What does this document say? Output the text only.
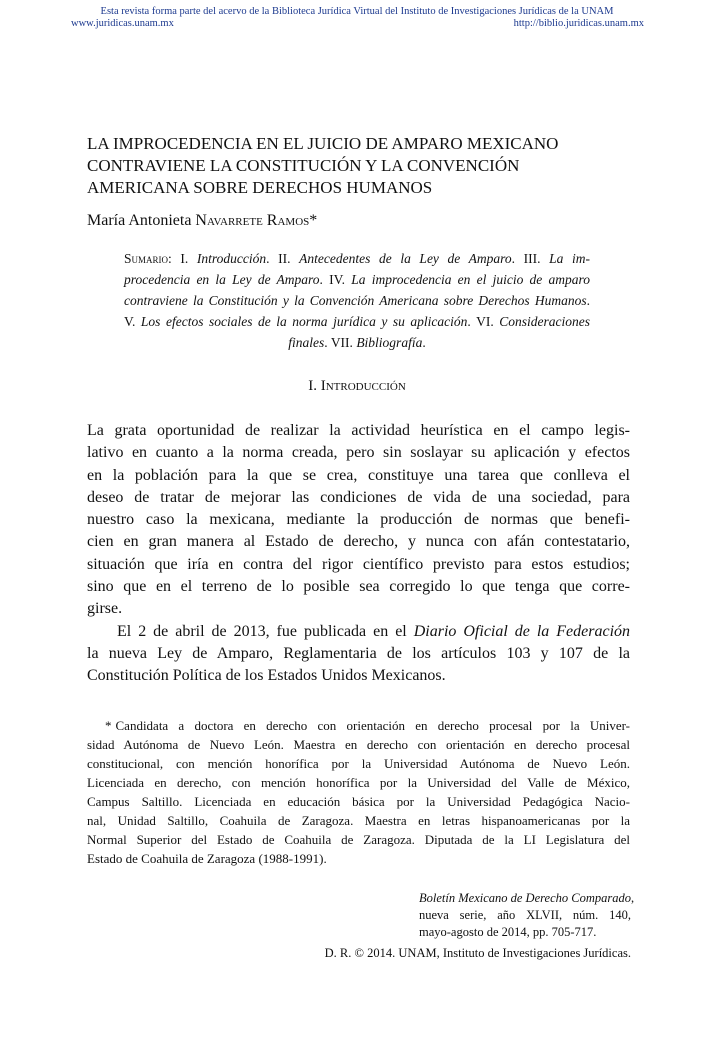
Esta revista forma parte del acervo de la Biblioteca Jurídica Virtual del Instituto de Investigaciones Jurídicas de la UNAM
www.juridicas.unam.mx	http://biblio.juridicas.unam.mx
LA IMPROCEDENCIA EN EL JUICIO DE AMPARO MEXICANO
CONTRAVIENE LA CONSTITUCIÓN Y LA CONVENCIÓN
AMERICANA SOBRE DERECHOS HUMANOS
María Antonieta Navarrete Ramos*
Sumario: I. Introducción. II. Antecedentes de la Ley de Amparo. III. La im-
procedencia en la Ley de Amparo. IV. La improcedencia en el juicio de amparo
contraviene la Constitución y la Convención Americana sobre Derechos Humanos.
V. Los efectos sociales de la norma jurídica y su aplicación. VI. Consideraciones
finales. VII. Bibliografía.
I. Introducción
La grata oportunidad de realizar la actividad heurística en el campo legis-
lativo en cuanto a la norma creada, pero sin soslayar su aplicación y efectos
en la población para la que se crea, constituye una tarea que conlleva el
deseo de tratar de mejorar las condiciones de vida de una sociedad, para
nuestro caso la mexicana, mediante la producción de normas que benefi-
cien en gran manera al Estado de derecho, y nunca con afán contestatario,
situación que iría en contra del rigor científico previsto para estos estudios;
sino que en el terreno de lo posible sea corregido lo que tenga que corre-
girse.
El 2 de abril de 2013, fue publicada en el Diario Oficial de la Federación
la nueva Ley de Amparo, Reglamentaria de los artículos 103 y 107 de la
Constitución Política de los Estados Unidos Mexicanos.
* Candidata a doctora en derecho con orientación en derecho procesal por la Univer-
sidad Autónoma de Nuevo León. Maestra en derecho con orientación en derecho procesal
constitucional, con mención honorífica por la Universidad Autónoma de Nuevo León.
Licenciada en derecho, con mención honorífica por la Universidad del Valle de México,
Campus Saltillo. Licenciada en educación básica por la Universidad Pedagógica Nacio-
nal, Unidad Saltillo, Coahuila de Zaragoza. Maestra en letras hispanoamericanas por la
Normal Superior del Estado de Coahuila de Zaragoza. Diputada de la LI Legislatura del
Estado de Coahuila de Zaragoza (1988-1991).
Boletín Mexicano de Derecho Comparado,
nueva serie, año XLVII, núm. 140,
mayo-agosto de 2014, pp. 705-717.
D. R. © 2014. UNAM, Instituto de Investigaciones Jurídicas.
